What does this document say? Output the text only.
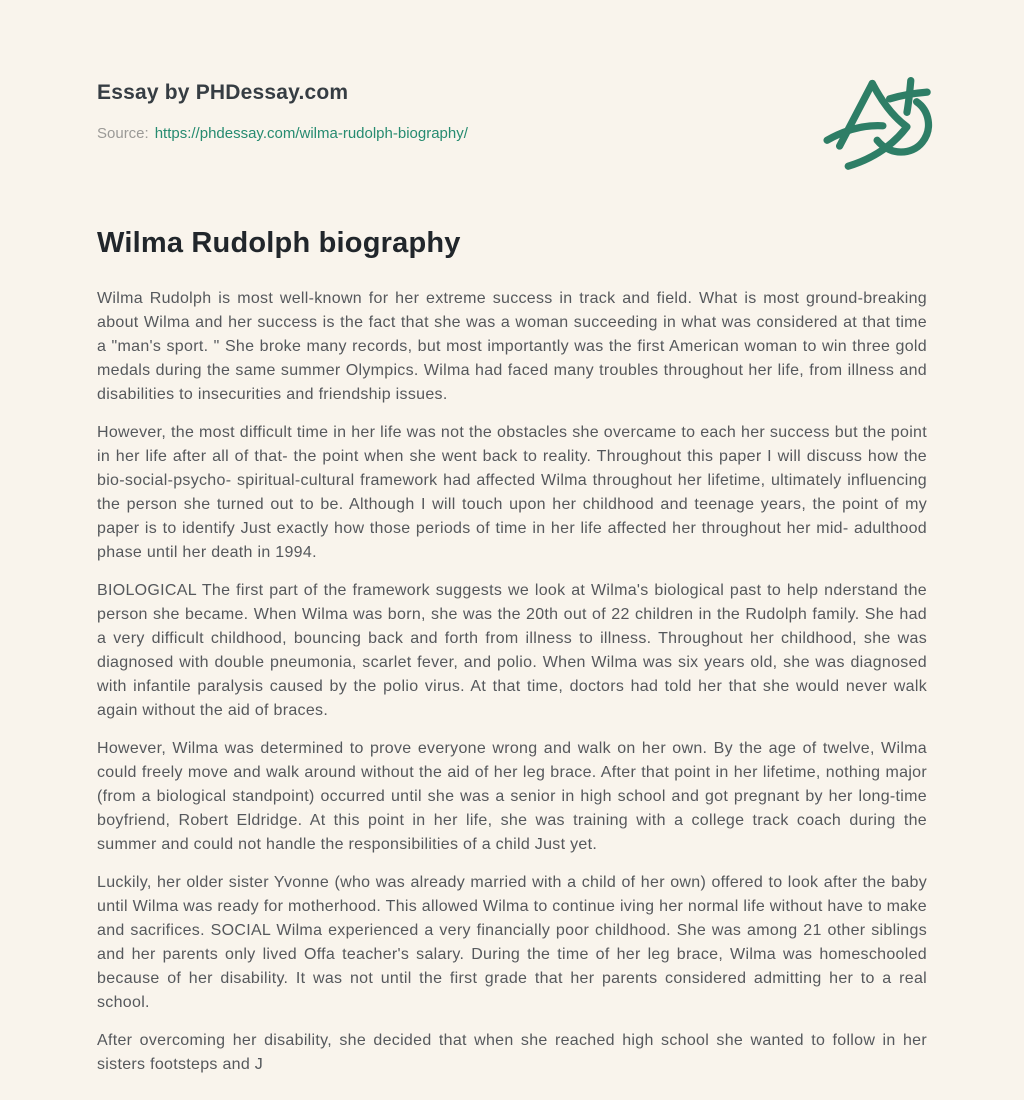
Essay by PHDessay.com
Source: https://phdessay.com/wilma-rudolph-biography/
Wilma Rudolph biography

Wilma Rudolph is most well-known for her extreme success in track and field. What is most ground-breaking about Wilma and her success is the fact that she was a woman succeeding in what was considered at that time a "man's sport. " She broke many records, but most importantly was the first American woman to win three gold medals during the same summer Olympics. Wilma had faced many troubles throughout her life, from illness and disabilities to insecurities and friendship issues.

However, the most difficult time in her life was not the obstacles she overcame to each her success but the point in her life after all of that- the point when she went back to reality. Throughout this paper I will discuss how the bio-social-psycho- spiritual-cultural framework had affected Wilma throughout her lifetime, ultimately influencing the person she turned out to be. Although I will touch upon her childhood and teenage years, the point of my paper is to identify Just exactly how those periods of time in her life affected her throughout her mid- adulthood phase until her death in 1994.

BIOLOGICAL The first part of the framework suggests we look at Wilma's biological past to help nderstand the person she became. When Wilma was born, she was the 20th out of 22 children in the Rudolph family. She had a very difficult childhood, bouncing back and forth from illness to illness. Throughout her childhood, she was diagnosed with double pneumonia, scarlet fever, and polio. When Wilma was six years old, she was diagnosed with infantile paralysis caused by the polio virus. At that time, doctors had told her that she would never walk again without the aid of braces.

However, Wilma was determined to prove everyone wrong and walk on her own. By the age of twelve, Wilma could freely move and walk around without the aid of her leg brace. After that point in her lifetime, nothing major (from a biological standpoint) occurred until she was a senior in high school and got pregnant by her long-time boyfriend, Robert Eldridge. At this point in her life, she was training with a college track coach during the summer and could not handle the responsibilities of a child Just yet.

Luckily, her older sister Yvonne (who was already married with a child of her own) offered to look after the baby until Wilma was ready for motherhood. This allowed Wilma to continue iving her normal life without have to make and sacrifices. SOCIAL Wilma experienced a very financially poor childhood. She was among 21 other siblings and her parents only lived Offa teacher's salary. During the time of her leg brace, Wilma was homeschooled because of her disability. It was not until the first grade that her parents considered admitting her to a real school.

After overcoming her disability, she decided that when she reached high school she wanted to follow in her sisters footsteps and J
